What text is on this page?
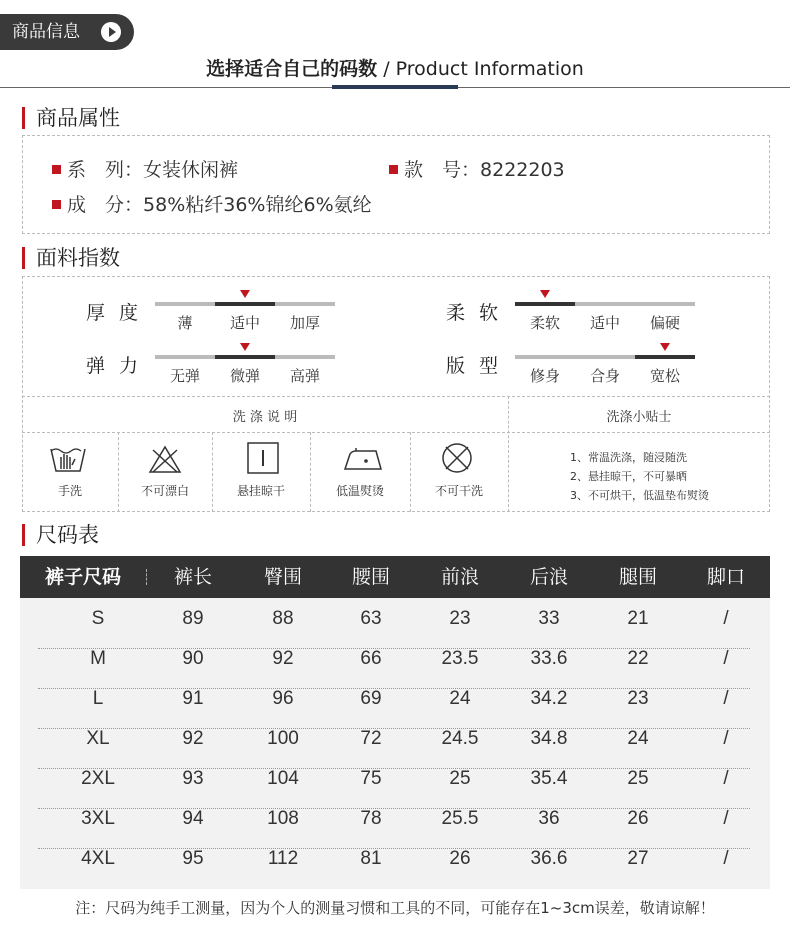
商品信息
选择适合自己的码数 / Product Information
商品属性
系　列：女装休闲裤	款　号：8222203
成　分：58%粘纤36%锦纶6%氨纶
面料指数
厚 度	薄	适中	加厚	柔 软	柔软	适中	偏硬
弹 力	无弹	微弹	高弹	版 型	修身	合身	宽松
洗 涤 说 明	洗涤小贴士
手洗	不可漂白	悬挂晾干	低温熨烫	不可干洗
1、常温洗涤，随浸随洗
2、悬挂晾干，不可暴晒
3、不可烘干，低温垫布熨烫
尺码表
裤子尺码	裤长	臀围	腰围	前浪	后浪	腿围	脚口
S	89	88	63	23	33	21	/
M	90	92	66	23.5	33.6	22	/
L	91	96	69	24	34.2	23	/
XL	92	100	72	24.5	34.8	24	/
2XL	93	104	75	25	35.4	25	/
3XL	94	108	78	25.5	36	26	/
4XL	95	112	81	26	36.6	27	/
注：尺码为纯手工测量，因为个人的测量习惯和工具的不同，可能存在1~3cm误差，敬请谅解！
